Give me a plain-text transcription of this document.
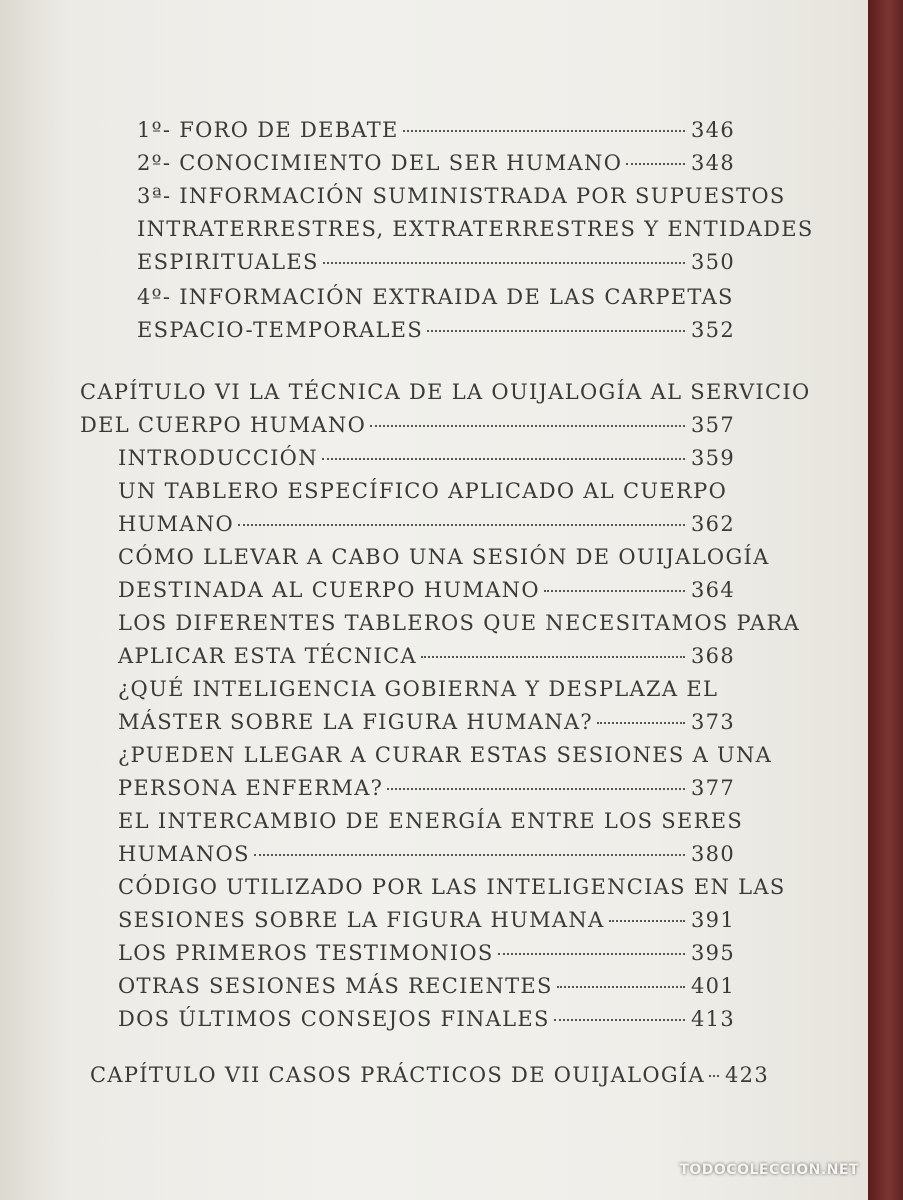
1º- FORO DE DEBATE	346
2º- CONOCIMIENTO DEL SER HUMANO	348
3ª- INFORMACIÓN SUMINISTRADA POR SUPUESTOS
INTRATERRESTRES, EXTRATERRESTRES Y ENTIDADES
ESPIRITUALES	350
4º- INFORMACIÓN EXTRAIDA DE LAS CARPETAS
ESPACIO-TEMPORALES	352
CAPÍTULO VI LA TÉCNICA DE LA OUIJALOGÍA AL SERVICIO
DEL CUERPO HUMANO	357
INTRODUCCIÓN	359
UN TABLERO ESPECÍFICO APLICADO AL CUERPO
HUMANO	362
CÓMO LLEVAR A CABO UNA SESIÓN DE OUIJALOGÍA
DESTINADA AL CUERPO HUMANO	364
LOS DIFERENTES TABLEROS QUE NECESITAMOS PARA
APLICAR ESTA TÉCNICA	368
¿QUÉ INTELIGENCIA GOBIERNA Y DESPLAZA EL
MÁSTER SOBRE LA FIGURA HUMANA?	373
¿PUEDEN LLEGAR A CURAR ESTAS SESIONES A UNA
PERSONA ENFERMA?	377
EL INTERCAMBIO DE ENERGÍA ENTRE LOS SERES
HUMANOS	380
CÓDIGO UTILIZADO POR LAS INTELIGENCIAS EN LAS
SESIONES SOBRE LA FIGURA HUMANA	391
LOS PRIMEROS TESTIMONIOS	395
OTRAS SESIONES MÁS RECIENTES	401
DOS ÚLTIMOS CONSEJOS FINALES	413
CAPÍTULO VII CASOS PRÁCTICOS DE OUIJALOGÍA 423
TODOCOLECCION.NET
